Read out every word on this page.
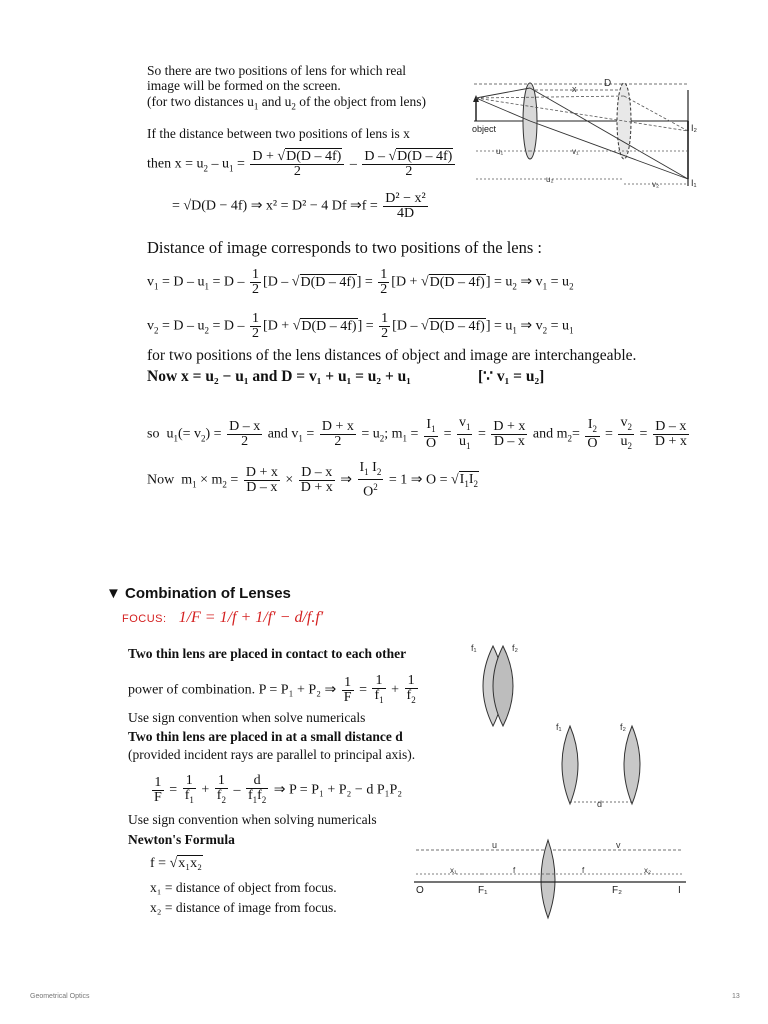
So there are two positions of lens for which real
image will be formed on the screen.
(for two distances $u_1$ and $u_2$ of the object from lens)
If the distance between two positions of lens is x
then $x = u_2 - u_1 = \frac{D + √D(D - 4f)}{2} - \frac{D - √D(D - 4f)}{2}$
= √D(D − 4f) ⇒ x² = D² − 4 Df ⇒f = $\frac{\text{D² − x²}}{4D}$
D
x
object	I₂
I₁
u₁	v₁
u₂
v₂
Distance of image corresponds to two positions of the lens :
$v_1 = D - u_1 = D - \frac{1}{2} [D - √D(D - 4f)] = \frac{1}{2} [D + √D(D - 4f)] = u_2$ ⇒ $v_1 = u_2$
$v_2 = D - u_2 = D - \frac{1}{2} [D + √D(D - 4f)] = \frac{1}{2} [D - √D(D - 4f)] = u_1$ ⇒ $v_2 = u_1$
for two positions of the lens distances of object and image are interchangeable.
Now x = u₂ − u₁ and D = v₁ + u₁ = u₂ + u₁	[∵ v₁ = u₂]
so  $u_1(= v_2) = \frac{D - x}{2}$ and $v_1 = \frac{D + x}{2} = u_2$; $m_1 = \frac{I_1}{O} = \frac{v_1}{u_1} = \frac{D + x}{D - x}$ and $m_2= \frac{I_2}{O} = \frac{v_2}{u_2} = \frac{D - x}{D + x}$
Now  $m_1 \times m_2 = \frac{D + x}{D - x} \times \frac{D - x}{D + x}$ ⇒ $\frac{I_1 I_2}{O^2} = 1$ ⇒ $O = √I_1I_2$
▼ Combination of Lenses
FOCUS: 1/F = 1/f + 1/f′ − d/f.f′
Two thin lens are placed in contact to each other
power of combination. P = P₁ + P₂ ⇒ $\frac{1}{F} = \frac{1}{f_1} + \frac{1}{f_2}$
Use sign convention when solve numericals
Two thin lens are placed in at a small distance d
(provided incident rays are parallel to principal axis).
$\frac{1}{F} = \frac{1}{f_1} + \frac{1}{f_2} - \frac{d}{f_1f_2}$ ⇒ P = P₁ + P₂ − d P₁P₂
Use sign convention when solving numericals
Newton's Formula
f = √x₁x₂
x₁ = distance of object from focus.
x₂ = distance of image from focus.
f₁	f₂
f₁	f₂
d
u	v
x₁	f	f	x₂
O	F₁	F₂	I
Geometrical Optics	13
